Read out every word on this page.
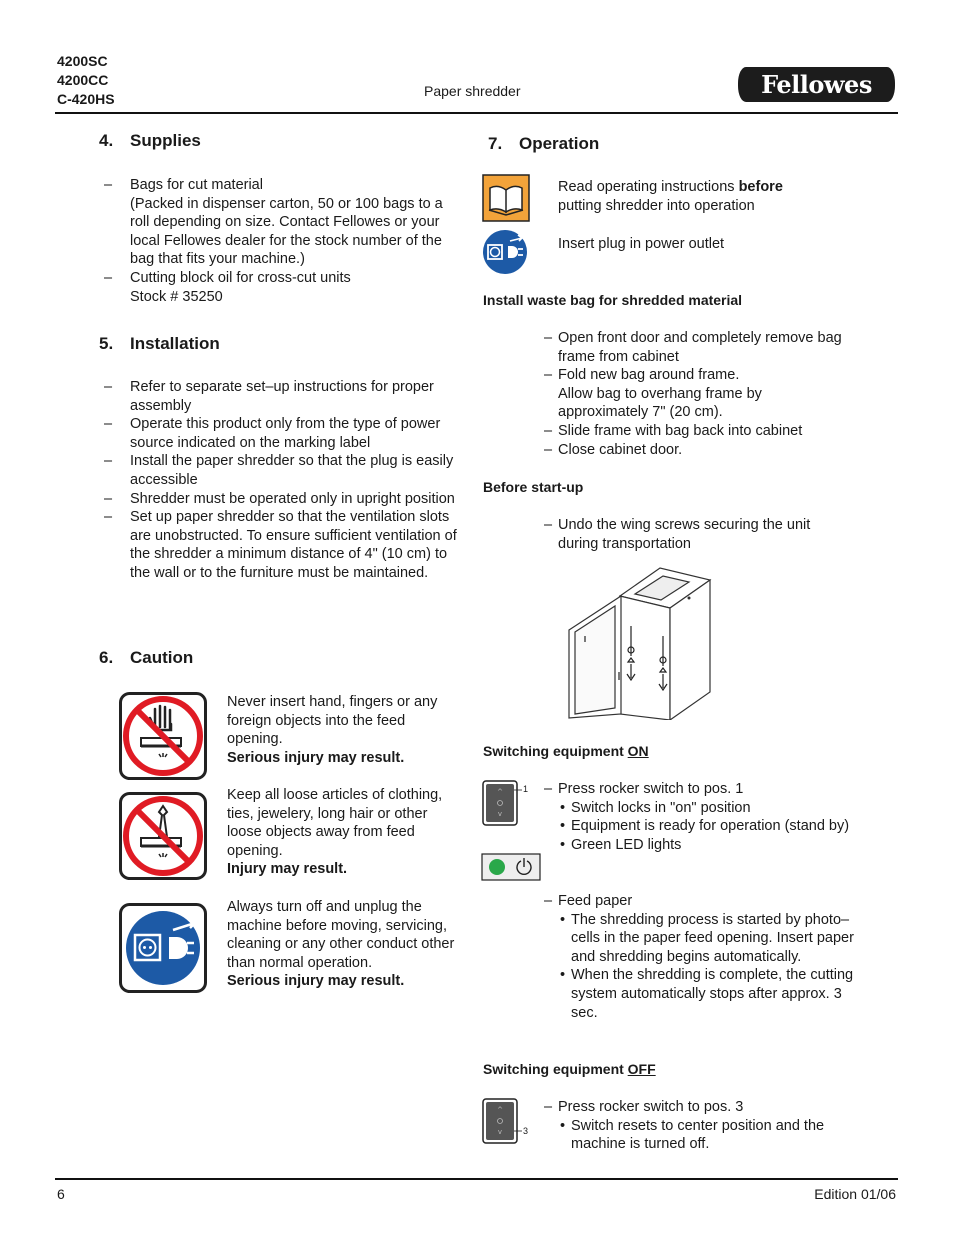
4200SC
4200CC
C-420HS	Paper shredder	Fellowes
4. Supplies
– Bags for cut material
(Packed in dispenser carton, 50 or 100 bags to a roll depending on size. Contact Fellowes or your local Fellowes dealer for the stock number of the bag that fits your machine.)
– Cutting block oil for cross-cut units
Stock # 35250
5. Installation
– Refer to separate set–up instructions for proper assembly
– Operate this product only from the type of power source indicated on the marking label
– Install the paper shredder so that the plug is easily accessible
– Shredder must be operated only in upright position
– Set up paper shredder so that the ventilation slots are unobstructed. To ensure sufficient ventilation of the shredder a minimum distance of 4" (10 cm) to the wall or to the furniture must be maintained.
6. Caution
Never insert hand, fingers or any foreign objects into the feed opening.
Serious injury may result.
Keep all loose articles of clothing, ties, jewelery, long hair or other loose objects away from feed opening.
Injury may result.
Always turn off and unplug the machine before moving, servicing, cleaning or any other conduct other than normal operation.
Serious injury may result.
7. Operation
Read operating instructions before
putting shredder into operation
Insert plug in power outlet
Install waste bag for shredded material
– Open front door and completely remove bag frame from cabinet
– Fold new bag around frame.
Allow bag to overhang frame by approximately 7" (20 cm).
– Slide frame with bag back into cabinet
– Close cabinet door.
Before start-up
– Undo the wing screws securing the unit during transportation
Switching equipment ON
^
v
1
–	Press rocker switch to pos. 1
• Switch locks in "on" position
• Equipment is ready for operation (stand by)
• Green LED lights
– Feed paper
• The shredding process is started by photo–cells in the paper feed opening. Insert paper and shredding begins automatically.
• When the shredding is complete, the cutting system automatically stops after approx. 3 sec.
Switching equipment OFF
^
v 3
– Press rocker switch to pos. 3
• Switch resets to center position and the machine is turned off.
6	Edition 01/06
